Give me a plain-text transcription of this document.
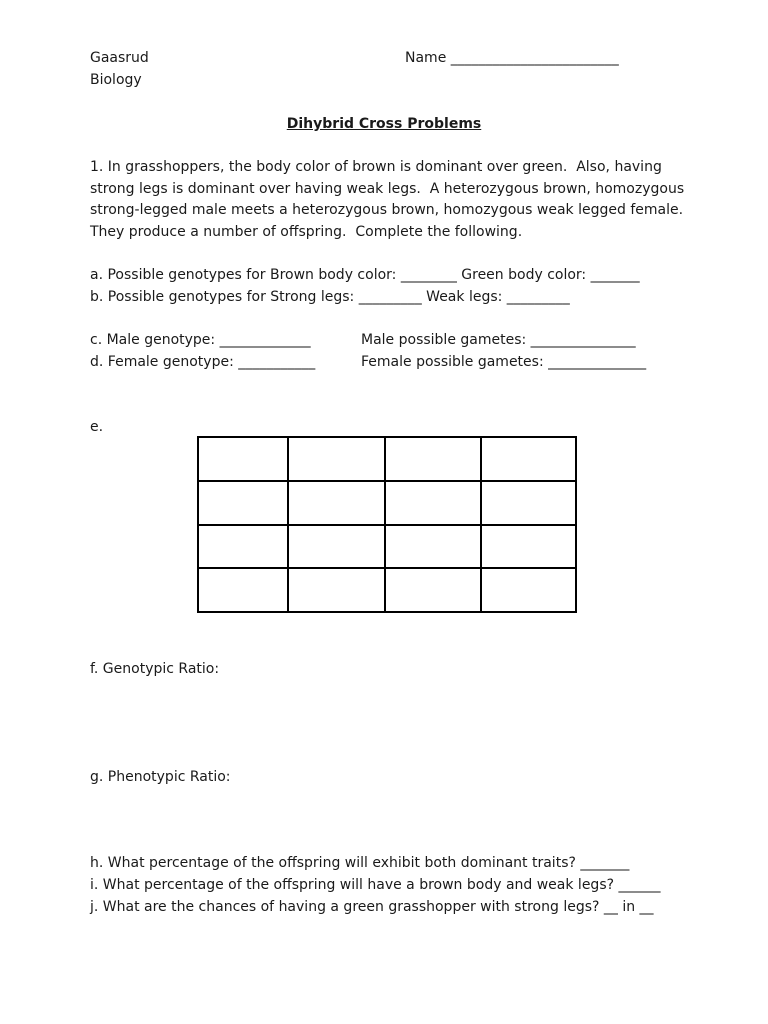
Gaasrud
Biology
Name ________________________
Dihybrid Cross Problems
1. In grasshoppers, the body color of brown is dominant over green.  Also, having
strong legs is dominant over having weak legs.  A heterozygous brown, homozygous
strong-legged male meets a heterozygous brown, homozygous weak legged female.
They produce a number of offspring.  Complete the following.
a. Possible genotypes for Brown body color: ________ Green body color: _______
b. Possible genotypes for Strong legs: _________ Weak legs: _________
c. Male genotype: _____________	Male possible gametes: _______________
d. Female genotype: ___________	Female possible gametes: ______________
e.

f. Genotypic Ratio:
g. Phenotypic Ratio:
h. What percentage of the offspring will exhibit both dominant traits? _______
i. What percentage of the offspring will have a brown body and weak legs? ______
j. What are the chances of having a green grasshopper with strong legs? __ in __
